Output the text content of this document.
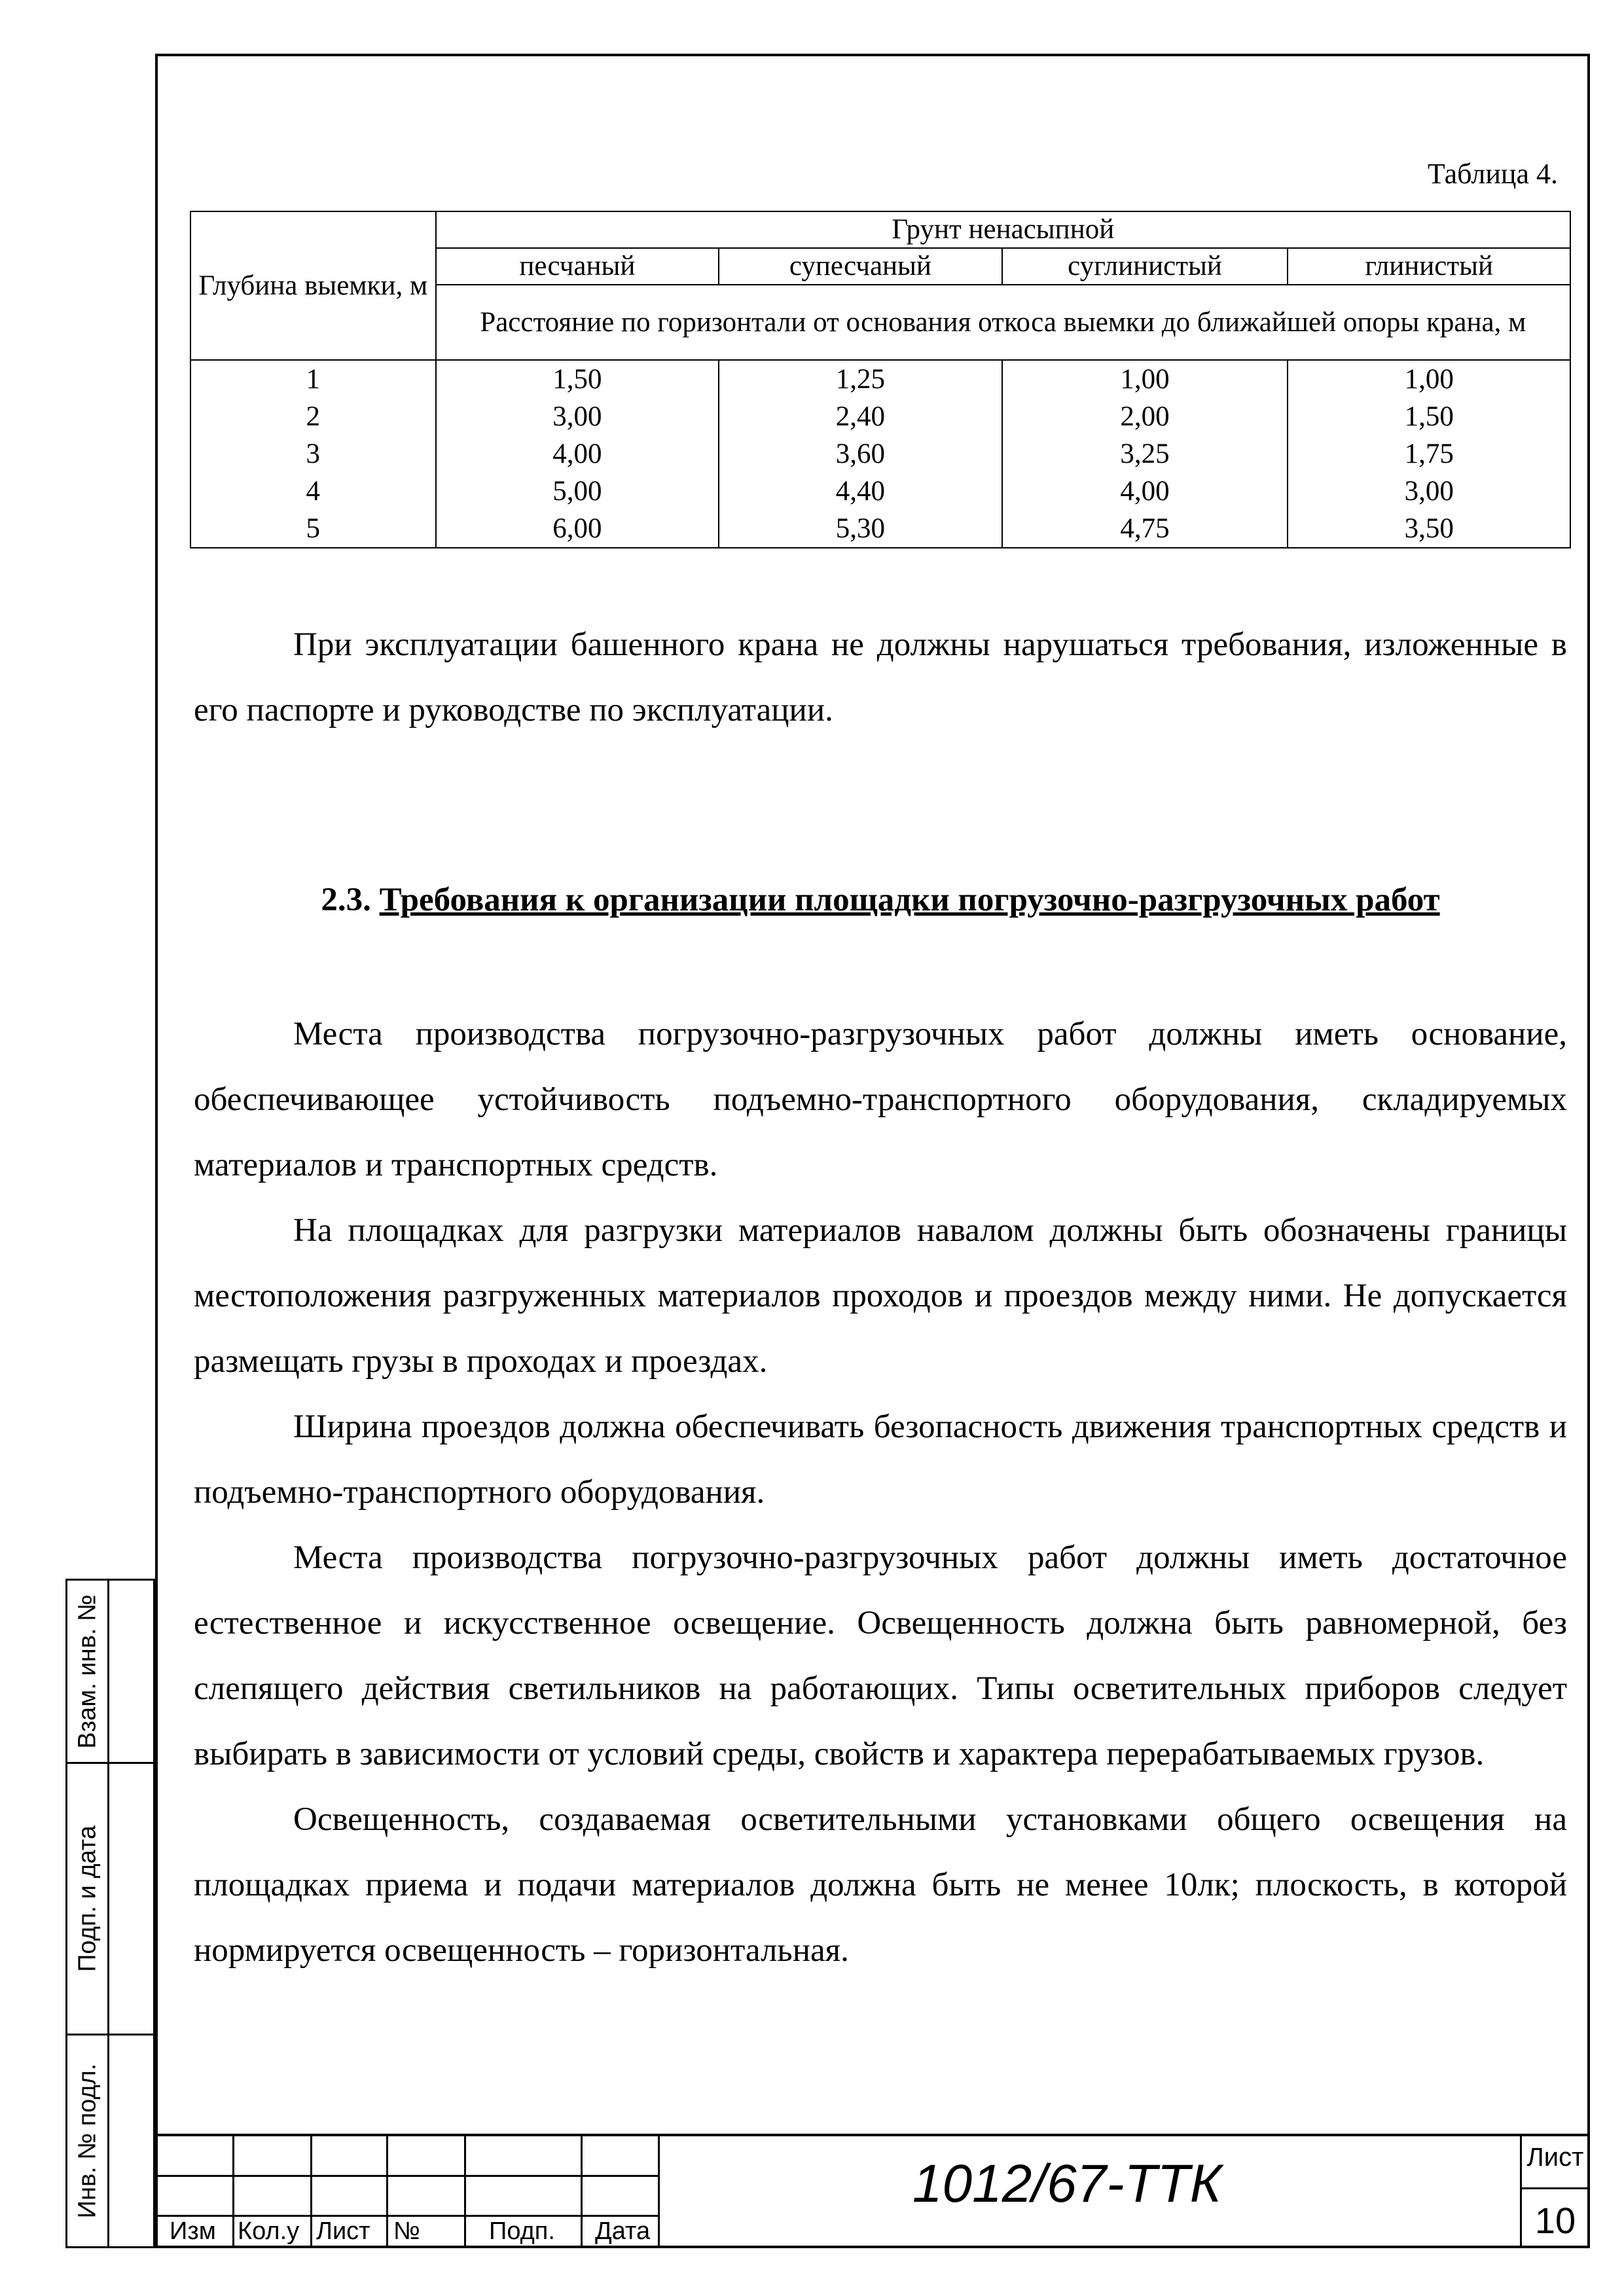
Таблица 4.
Глубина выемки, м	Грунт ненасыпной			
	песчаный	супесчаный	суглинистый	глинистый
	Расстояние по горизонтали от основания откоса выемки до ближайшей опоры крана, м			
1	1,50	1,25	1,00	1,00
2	3,00	2,40	2,00	1,50
3	4,00	3,60	3,25	1,75
4	5,00	4,40	4,00	3,00
5	6,00	5,30	4,75	3,50

При эксплуатации башенного крана не должны нарушаться требования, изложенные в его паспорте и руководстве по эксплуатации.

2.3. Требования к организации площадки погрузочно-разгрузочных работ

Места производства погрузочно-разгрузочных работ должны иметь основание, обеспечивающее устойчивость подъемно-транспортного оборудования, складируемых материалов и транспортных средств.

На площадках для разгрузки материалов навалом должны быть обозначены границы местоположения разгруженных материалов проходов и проездов между ними. Не допускается размещать грузы в проходах и проездах.

Ширина проездов должна обеспечивать безопасность движения транспортных средств и подъемно-транспортного оборудования.

Места производства погрузочно-разгрузочных работ должны иметь достаточное естественное и искусственное освещение. Освещенность должна быть равномерной, без слепящего действия светильников на работающих. Типы осветительных приборов следует выбирать в зависимости от условий среды, свойств и характера перерабатываемых грузов.

Освещенность, создаваемая осветительными установками общего освещения на площадках приема и подачи материалов должна быть не менее 10лк; плоскость, в которой нормируется освещенность – горизонтальная.

Взам. инв. №
Подп. и дата
Инв. № подл.
Изм Кол.у Лист №	Подп. Дата
1012/67-ТТК	Лист
10
